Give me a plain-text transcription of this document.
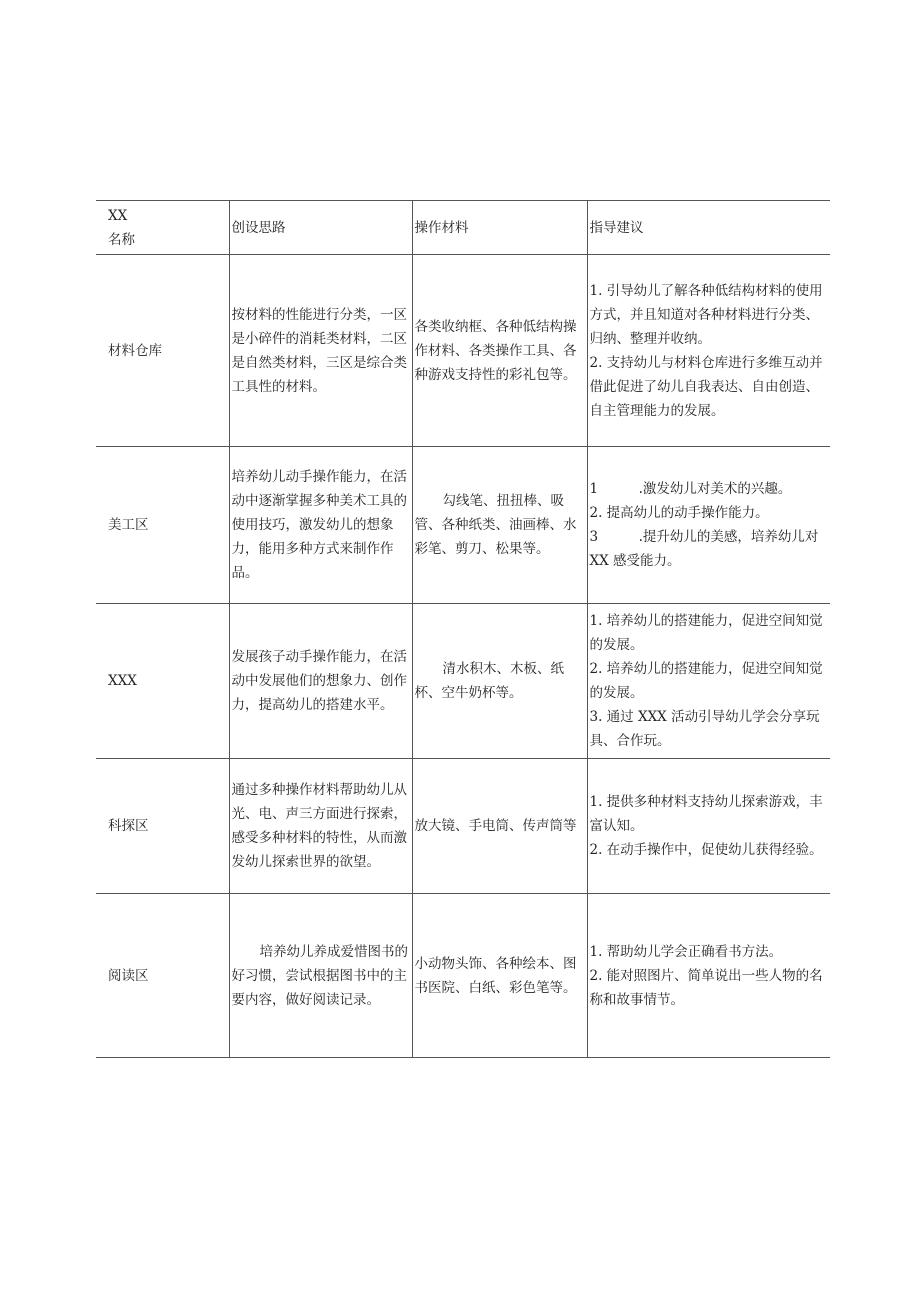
XX
名称	创设思路	操作材料	指导建议
材料仓库	按材料的性能进行分类，一区是小碎件的消耗类材料，二区是自然类材料，三区是综合类工具性的材料。	各类收纳框、各种低结构操作材料、各类操作工具、各种游戏支持性的彩礼包等。	1. 引导幼儿了解各种低结构材料的使用方式，并且知道对各种材料进行分类、归纳、整理并收纳。
2. 支持幼儿与材料仓库进行多维互动并借此促进了幼儿自我表达、自由创造、自主管理能力的发展。

美工区	培养幼儿动手操作能力，在活动中逐渐掌握多种美术工具的使用技巧，激发幼儿的想象力，能用多种方式来制作作品。	勾线笔、扭扭棒、吸管、各种纸类、油画棒、水彩笔、剪刀、松果等。	1　　　.激发幼儿对美术的兴趣。
2. 提高幼儿的动手操作能力。
3　　　.提升幼儿的美感，培养幼儿对 XX 感受能力。

XXX	发展孩子动手操作能力，在活动中发展他们的想象力、创作力，提高幼儿的搭建水平。	清水积木、木板、纸杯、空牛奶杯等。	1. 培养幼儿的搭建能力，促进空间知觉的发展。
2. 培养幼儿的搭建能力，促进空间知觉的发展。
3. 通过 XXX 活动引导幼儿学会分享玩具、合作玩。

科探区	通过多种操作材料帮助幼儿从光、电、声三方面进行探索，感受多种材料的特性，从而激发幼儿探索世界的欲望。	放大镜、手电筒、传声筒等	1. 提供多种材料支持幼儿探索游戏，丰富认知。
2. 在动手操作中，促使幼儿获得经验。

阅读区	培养幼儿养成爱惜图书的好习惯，尝试根据图书中的主要内容，做好阅读记录。	小动物头饰、各种绘本、图书医院、白纸、彩色笔等。	1. 帮助幼儿学会正确看书方法。
2. 能对照图片、简单说出一些人物的名称和故事情节。
